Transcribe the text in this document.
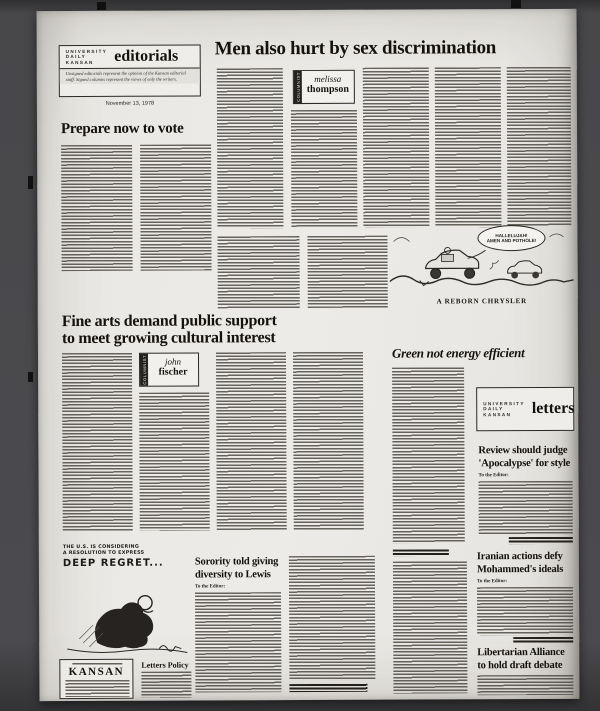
UNIVERSITY
DAILY
KANSAN	editorials
Unsigned editorials represent the opinion of the Kansan editorial staff. Signed columns represent the views of only the writers.
November 13, 1978
Prepare now to vote
Men also hurt by sex discrimination
COLUMNIST	melissa
thompson
HALLELUJAH!
AMEN AND POTHOLE!
A REBORN CHRYSLER
Fine arts demand public support
to meet growing cultural interest
COLUMNIST	john
fischer
Green not energy efficient
UNIVERSITY
DAILY
KANSAN	letters
Review should judge
'Apocalypse' for style
To the Editor:
THE U.S. IS CONSIDERING
A RESOLUTION TO EXPRESS
DEEP REGRET...	Sorority told giving
diversity to Lewis
To the Editor:
Iranian actions defy
Mohammed's ideals
To the Editor:
Libertarian Alliance
to hold draft debate
KANSAN
Letters Policy
